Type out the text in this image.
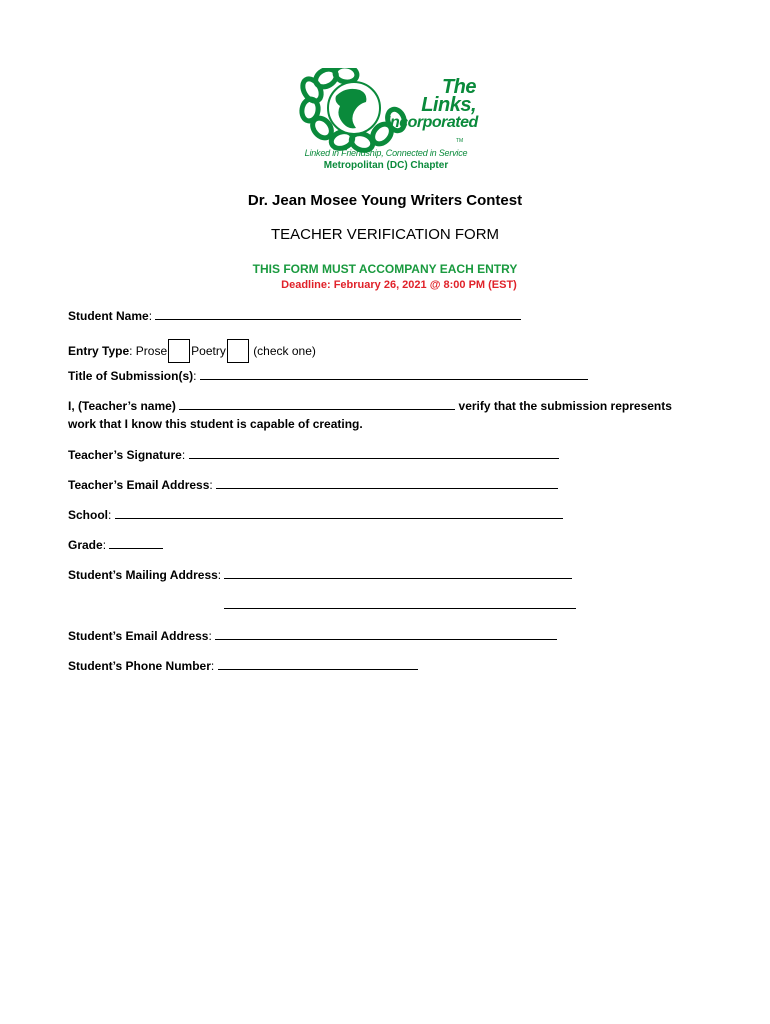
The Links,
Incorporated
TM
Linked in Friendship, Connected in Service
Metropolitan (DC) Chapter
Dr. Jean Mosee Young Writers Contest
TEACHER VERIFICATION FORM
THIS FORM MUST ACCOMPANY EACH ENTRY
Deadline: February 26, 2021 @ 8:00 PM (EST)
Student Name:
Entry Type: Prose Poetry (check one)
Title of Submission(s):
I, (Teacher’s name)	verify that the submission represents
work that I know this student is capable of creating.
Teacher’s Signature:
Teacher’s Email Address:
School:
Grade:
Student’s Mailing Address:
Student’s Email Address:
Student’s Phone Number:
